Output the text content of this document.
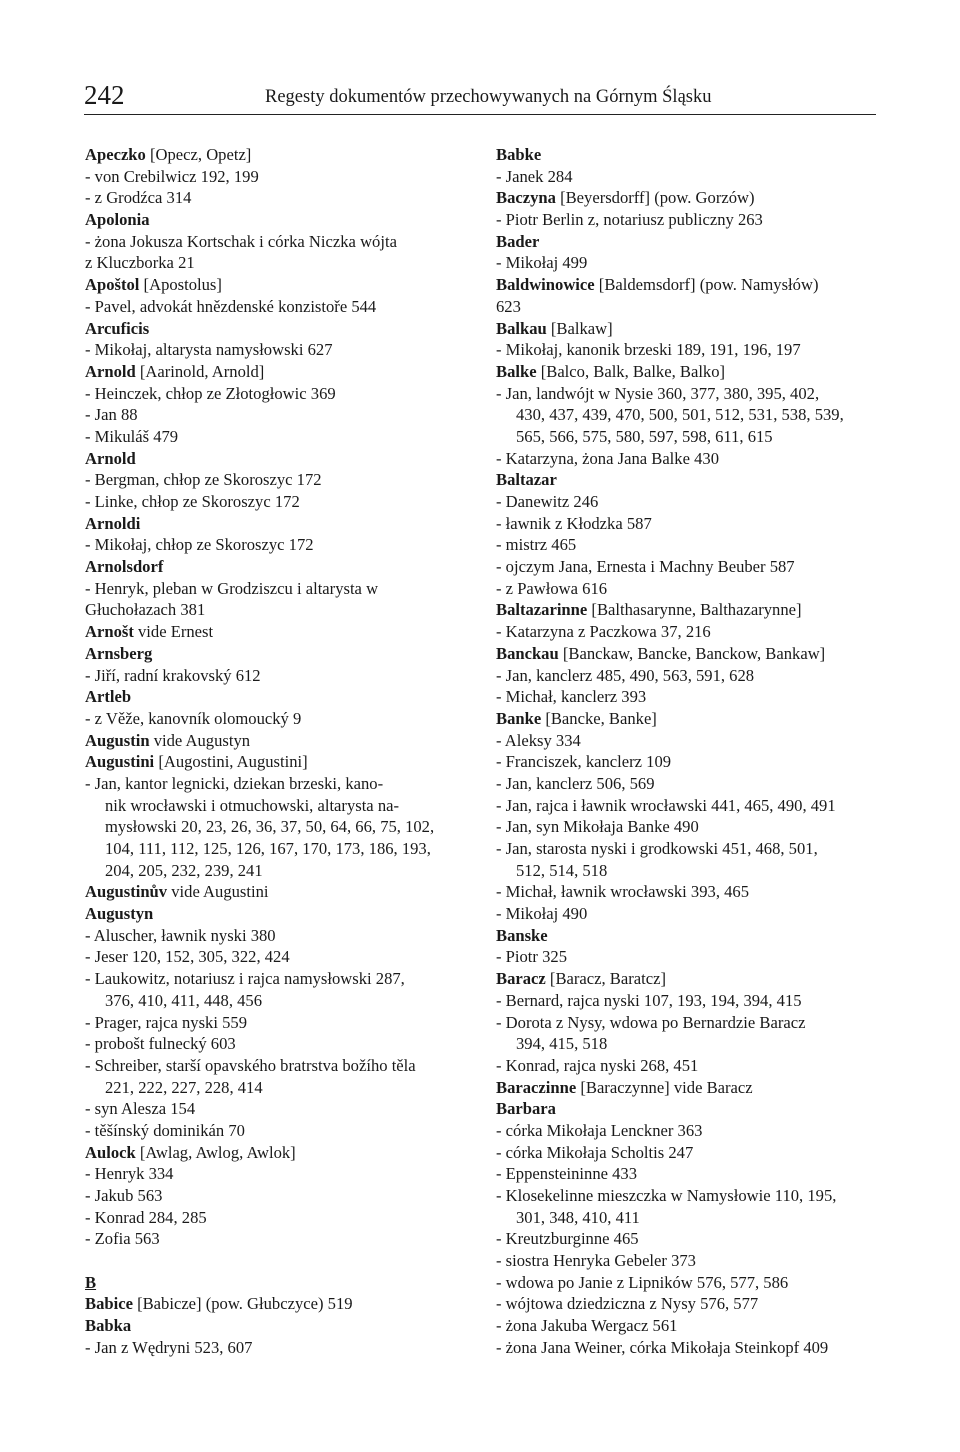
242	Regesty dokumentów przechowywanych na Górnym Śląsku
Apeczko [Opecz, Opetz]
- von Crebilwicz 192, 199
- z Grodźca 314
Apolonia
- żona Jokusza Kortschak i córka Niczka wójta
z Kluczborka 21
Apoštol [Apostolus]
- Pavel, advokát hnězdenské konzistoře 544
Arcuficis
- Mikołaj, altarysta namysłowski 627
Arnold [Aarinold, Arnold]
- Heinczek, chłop ze Złotogłowic 369
- Jan 88
- Mikuláš 479
Arnold
- Bergman, chłop ze Skoroszyc 172
- Linke, chłop ze Skoroszyc 172
Arnoldi
- Mikołaj, chłop ze Skoroszyc 172
Arnolsdorf
- Henryk, pleban w Grodziszcu i altarysta w
Głuchołazach 381
Arnošt vide Ernest
Arnsberg
- Jiří, radní krakovský 612
Artleb
- z Věže, kanovník olomoucký 9
Augustin vide Augustyn
Augustini [Augostini, Augustini]
- Jan, kantor legnicki, dziekan brzeski, kano-
nik wrocławski i otmuchowski, altarysta na-
mysłowski 20, 23, 26, 36, 37, 50, 64, 66, 75, 102,
104, 111, 112, 125, 126, 167, 170, 173, 186, 193,
204, 205, 232, 239, 241
Augustinův vide Augustini
Augustyn
- Aluscher, ławnik nyski 380
- Jeser 120, 152, 305, 322, 424
- Laukowitz, notariusz i rajca namysłowski 287,
376, 410, 411, 448, 456
- Prager, rajca nyski 559
- probošt fulnecký 603
- Schreiber, starší opavského bratrstva božího těla
221, 222, 227, 228, 414
- syn Alesza 154
- těšínský dominikán 70
Aulock [Awlag, Awlog, Awlok]
- Henryk 334
- Jakub 563
- Konrad 284, 285
- Zofia 563
B
Babice [Babicze] (pow. Głubczyce) 519
Babka
- Jan z Wędryni 523, 607
Babke
- Janek 284
Baczyna [Beyersdorff] (pow. Gorzów)
- Piotr Berlin z, notariusz publiczny 263
Bader
- Mikołaj 499
Baldwinowice [Baldemsdorf] (pow. Namysłów)
623
Balkau [Balkaw]
- Mikołaj, kanonik brzeski 189, 191, 196, 197
Balke [Balco, Balk, Balke, Balko]
- Jan, landwójt w Nysie 360, 377, 380, 395, 402,
430, 437, 439, 470, 500, 501, 512, 531, 538, 539,
565, 566, 575, 580, 597, 598, 611, 615
- Katarzyna, żona Jana Balke 430
Baltazar
- Danewitz 246
- ławnik z Kłodzka 587
- mistrz 465
- ojczym Jana, Ernesta i Machny Beuber 587
- z Pawłowa 616
Baltazarinne [Balthasarynne, Balthazarynne]
- Katarzyna z Paczkowa 37, 216
Banckau [Banckaw, Bancke, Banckow, Bankaw]
- Jan, kanclerz 485, 490, 563, 591, 628
- Michał, kanclerz 393
Banke [Bancke, Banke]
- Aleksy 334
- Franciszek, kanclerz 109
- Jan, kanclerz 506, 569
- Jan, rajca i ławnik wrocławski 441, 465, 490, 491
- Jan, syn Mikołaja Banke 490
- Jan, starosta nyski i grodkowski 451, 468, 501,
512, 514, 518
- Michał, ławnik wrocławski 393, 465
- Mikołaj 490
Banske
- Piotr 325
Baracz [Baracz, Baratcz]
- Bernard, rajca nyski 107, 193, 194, 394, 415
- Dorota z Nysy, wdowa po Bernardzie Baracz
394, 415, 518
- Konrad, rajca nyski 268, 451
Baraczinne [Baraczynne] vide Baracz
Barbara
- córka Mikołaja Lenckner 363
- córka Mikołaja Scholtis 247
- Eppensteininne 433
- Klosekelinne mieszczka w Namysłowie 110, 195,
301, 348, 410, 411
- Kreutzburginne 465
- siostra Henryka Gebeler 373
- wdowa po Janie z Lipników 576, 577, 586
- wójtowa dziedziczna z Nysy 576, 577
- żona Jakuba Wergacz 561
- żona Jana Weiner, córka Mikołaja Steinkopf 409
